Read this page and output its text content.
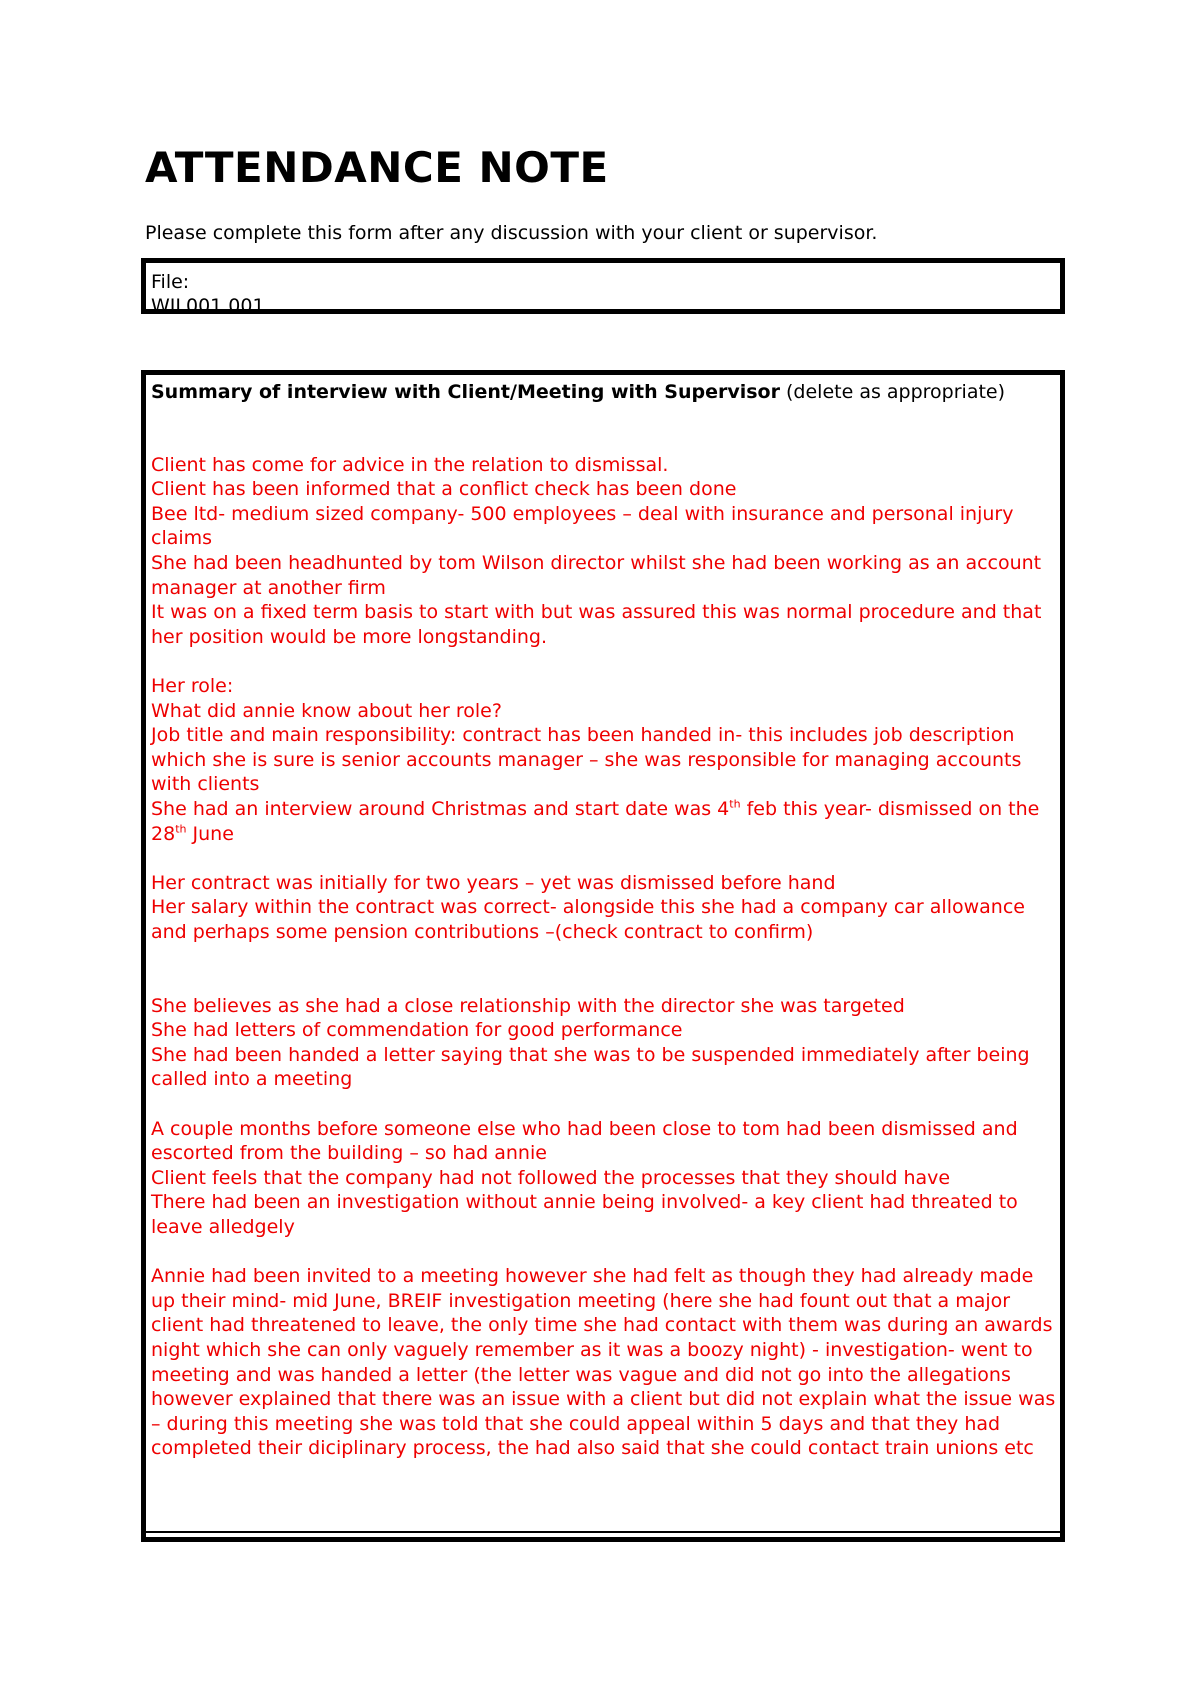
ATTENDANCE NOTE
Please complete this form after any discussion with your client or supervisor.
File:
WIL001.001
Summary of interview with Client/Meeting with Supervisor (delete as appropriate)

Client has come for advice in the relation to dismissal.

Client has been informed that a conflict check has been done

Bee ltd- medium sized company- 500 employees – deal with insurance and personal injury claims

She had been headhunted by tom Wilson director whilst she had been working as an account manager at another firm

It was on a fixed term basis to start with but was assured this was normal procedure and that her position would be more longstanding.

Her role:

What did annie know about her role?

Job title and main responsibility: contract has been handed in- this includes job description which she is sure is senior accounts manager – she was responsible for managing accounts with clients

She had an interview around Christmas and start date was 4th feb this year- dismissed on the 28th June

Her contract was initially for two years – yet was dismissed before hand

Her salary within the contract was correct- alongside this she had a company car allowance and perhaps some pension contributions –(check contract to confirm)

She believes as she had a close relationship with the director she was targeted

She had letters of commendation for good performance

She had been handed a letter saying that she was to be suspended immediately after being called into a meeting

A couple months before someone else who had been close to tom had been dismissed and escorted from the building – so had annie

Client feels that the company had not followed the processes that they should have

There had been an investigation without annie being involved- a key client had threated to leave alledgely

Annie had been invited to a meeting however she had felt as though they had already made up their mind- mid June, BREIF investigation meeting (here she had fount out that a major client had threatened to leave, the only time she had contact with them was during an awards night which she can only vaguely remember as it was a boozy night) - investigation- went to meeting and was handed a letter (the letter was vague and did not go into the allegations however explained that there was an issue with a client but did not explain what the issue was – during this meeting she was told that she could appeal within 5 days and that they had completed their diciplinary process, the had also said that she could contact train unions etc
